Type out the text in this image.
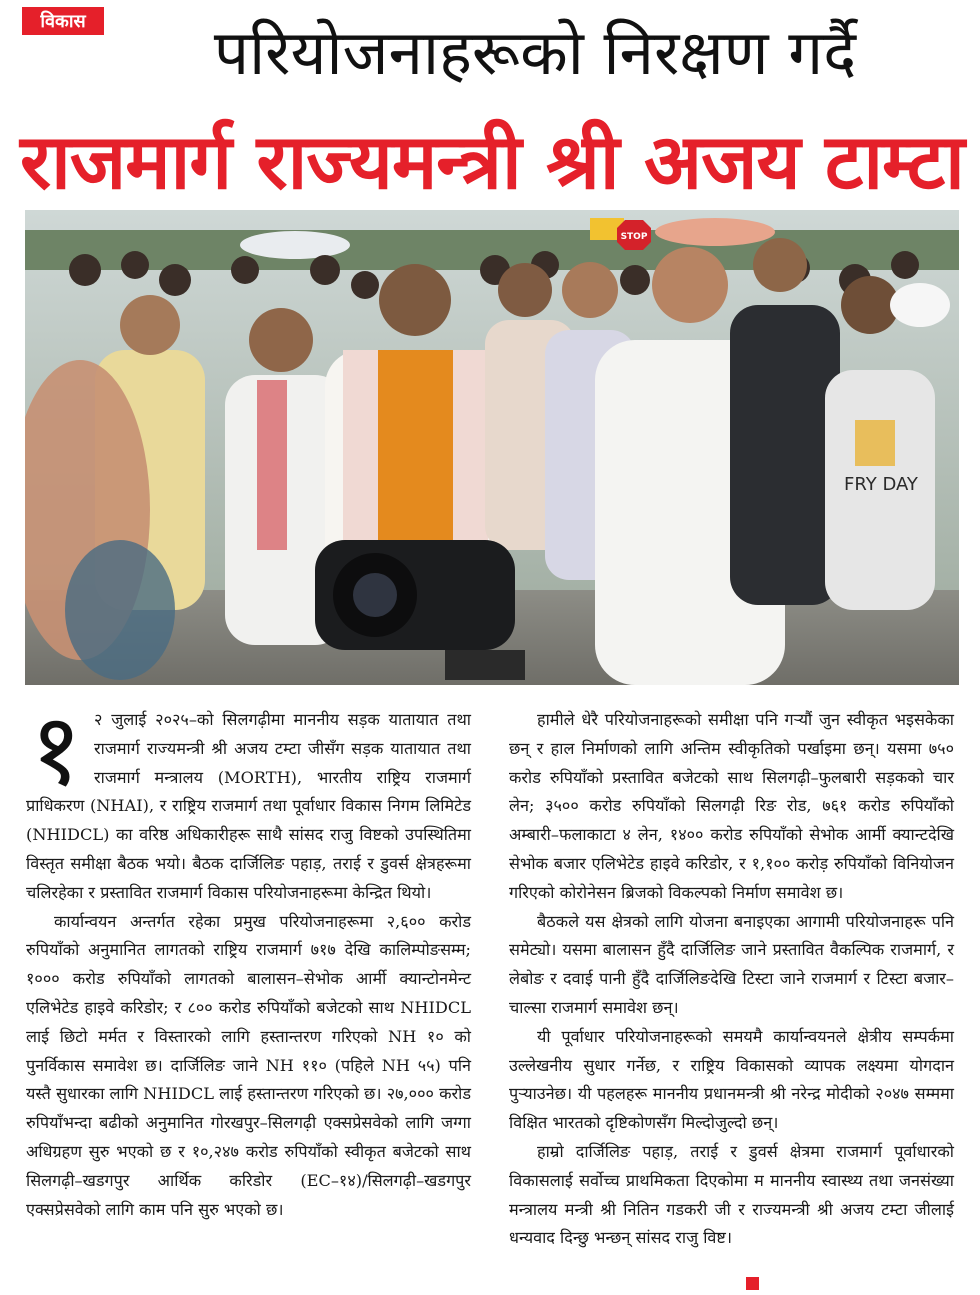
विकास	परियोजनाहरूको निरक्षण गर्दै
राजमार्ग राज्यमन्त्री श्री अजय टाम्टा
STOP
FRY DAY
१ २ जुलाई २०२५–को सिलगढ़ीमा माननीय सड़क यातायात तथा राजमार्ग राज्यमन्त्री श्री अजय टम्टा जीसँग सड़क यातायात तथा राजमार्ग मन्त्रालय (MORTH), भारतीय राष्ट्रिय राजमार्ग प्राधिकरण (NHAI), र राष्ट्रिय राजमार्ग तथा पूर्वाधार विकास निगम लिमिटेड (NHIDCL) का वरिष्ठ अधिकारीहरू साथै सांसद राजु विष्टको उपस्थितिमा विस्तृत समीक्षा बैठक भयो। बैठक दार्जिलिङ पहाड़, तराई र डुवर्स क्षेत्रहरूमा चलिरहेका र प्रस्तावित राजमार्ग विकास परियोजनाहरूमा केन्द्रित थियो।

कार्यान्वयन अन्तर्गत रहेका प्रमुख परियोजनाहरूमा २,६०० करोड रुपियाँको अनुमानित लागतको राष्ट्रिय राजमार्ग ७१७ देखि कालिम्पोङसम्म; १००० करोड रुपियाँको लागतको बालासन–सेभोक आर्मी क्यान्टोनमेन्ट एलिभेटेड हाइवे करिडोर; र ८०० करोड रुपियाँको बजेटको साथ NHIDCL लाई छिटो मर्मत र विस्तारको लागि हस्तान्तरण गरिएको NH १० को पुनर्विकास समावेश छ। दार्जिलिङ जाने NH ११० (पहिले NH ५५) पनि यस्तै सुधारका लागि NHIDCL लाई हस्तान्तरण गरिएको छ। २७,००० करोड रुपियाँभन्दा बढीको अनुमानित गोरखपुर–सिलगढ़ी एक्सप्रेसवेको लागि जग्गा अधिग्रहण सुरु भएको छ र १०,२४७ करोड रुपियाँको स्वीकृत बजेटको साथ सिलगढ़ी–खडगपुर आर्थिक करिडोर (EC–१४)/सिलगढ़ी–खडगपुर एक्सप्रेसवेको लागि काम पनि सुरु भएको छ।

हामीले धेरै परियोजनाहरूको समीक्षा पनि गर्‍यौं जुन स्वीकृत भइसकेका छन् र हाल निर्माणको लागि अन्तिम स्वीकृतिको पर्खाइमा छन्। यसमा ७५० करोड रुपियाँको प्रस्तावित बजेटको साथ सिलगढ़ी–फुलबारी सड़कको चार लेन; ३५०० करोड रुपियाँको सिलगढ़ी रिङ रोड, ७६१ करोड रुपियाँको अम्बारी–फलाकाटा ४ लेन, १४०० करोड रुपियाँको सेभोक आर्मी क्यान्टदेखि सेभोक बजार एलिभेटेड हाइवे करिडोर, र १,१०० करोड़ रुपियाँको विनियोजन गरिएको कोरोनेसन ब्रिजको विकल्पको निर्माण समावेश छ।

बैठकले यस क्षेत्रको लागि योजना बनाइएका आगामी परियोजनाहरू पनि समेट्यो। यसमा बालासन हुँदै दार्जिलिङ जाने प्रस्तावित वैकल्पिक राजमार्ग, र लेबोङ र दवाई पानी हुँदै दार्जिलिङदेखि टिस्टा जाने राजमार्ग र टिस्टा बजार–चाल्सा राजमार्ग समावेश छन्।

यी पूर्वाधार परियोजनाहरूको समयमै कार्यान्वयनले क्षेत्रीय सम्पर्कमा उल्लेखनीय सुधार गर्नेछ, र राष्ट्रिय विकासको व्यापक लक्ष्यमा योगदान पुर्‍याउनेछ। यी पहलहरू माननीय प्रधानमन्त्री श्री नरेन्द्र मोदीको २०४७ सम्ममा विक्षित भारतको दृष्टिकोणसँग मिल्दोजुल्दो छन्।

हाम्रो दार्जिलिङ पहाड़, तराई र डुवर्स क्षेत्रमा राजमार्ग पूर्वाधारको विकासलाई सर्वोच्च प्राथमिकता दिएकोमा म माननीय स्वास्थ्य तथा जनसंख्या मन्त्रालय मन्त्री श्री नितिन गडकरी जी र राज्यमन्त्री श्री अजय टम्टा जीलाई धन्यवाद दिन्छु भन्छन् सांसद राजु विष्ट।
